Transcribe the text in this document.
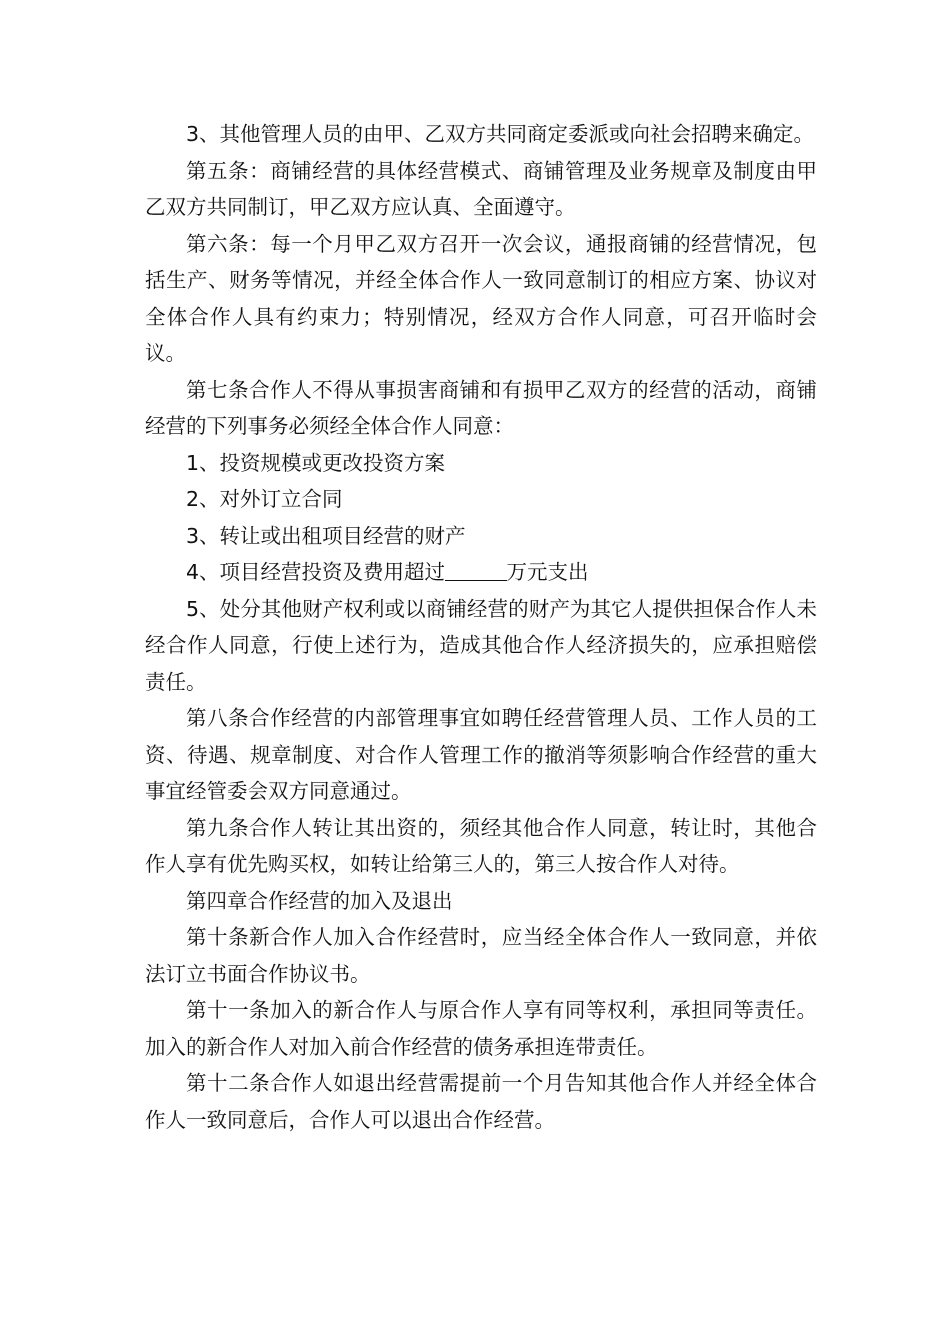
3、其他管理人员的由甲、乙双方共同商定委派或向社会招聘来确定。

第五条：商铺经营的具体经营模式、商铺管理及业务规章及制度由甲乙双方共同制订，甲乙双方应认真、全面遵守。

第六条：每一个月甲乙双方召开一次会议，通报商铺的经营情况，包括生产、财务等情况，并经全体合作人一致同意制订的相应方案、协议对全体合作人具有约束力；特别情况，经双方合作人同意，可召开临时会议。

第七条合作人不得从事损害商铺和有损甲乙双方的经营的活动，商铺经营的下列事务必须经全体合作人同意：

1、投资规模或更改投资方案

2、对外订立合同

3、转让或出租项目经营的财产

4、项目经营投资及费用超过	万元支出

5、处分其他财产权利或以商铺经营的财产为其它人提供担保合作人未经合作人同意，行使上述行为，造成其他合作人经济损失的，应承担赔偿责任。

第八条合作经营的内部管理事宜如聘任经营管理人员、工作人员的工资、待遇、规章制度、对合作人管理工作的撤消等须影响合作经营的重大事宜经管委会双方同意通过。

第九条合作人转让其出资的，须经其他合作人同意，转让时，其他合作人享有优先购买权，如转让给第三人的，第三人按合作人对待。

第四章合作经营的加入及退出

第十条新合作人加入合作经营时，应当经全体合作人一致同意，并依法订立书面合作协议书。

第十一条加入的新合作人与原合作人享有同等权利，承担同等责任。加入的新合作人对加入前合作经营的债务承担连带责任。

第十二条合作人如退出经营需提前一个月告知其他合作人并经全体合作人一致同意后，合作人可以退出合作经营。
